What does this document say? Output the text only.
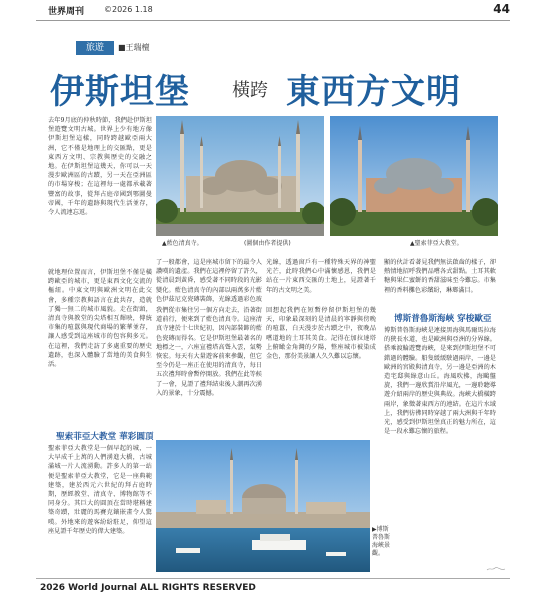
世界周刊 ©2026 1.18	44
旅遊	■王瑞檀
伊斯坦堡 橫跨 東西方文明
去年9月底的仲秋時節，我們赴伊斯坦堡遊覽文明古城。世界上少有地方像伊斯坦堡這樣，同時跨越歐亞兩大洲，它不僅是地理上的交匯點，更是東西方文明、宗教與歷史的交融之地。在伊斯坦堡這幾天，你可以一天漫步歐洲區的古蹟，另一天在亞洲區的市場穿梭；在這裡每一處都承載著豐富的故事，從拜占庭帝國到鄂圖曼帝國，千年的遺跡與現代生活並存，令人流連忘返。
就地理位置而言，伊斯坦堡不僅是橫跨歐亞的城市，更是東西文化交流的樞紐。中東文明與歐洲文明在此交會，多種宗教與語言在此共存，造就了獨一無二的城市風貌。走在街頭，清真寺與教堂的尖塔相互輝映，傳統市集的喧囂與現代商場的繁華並存，讓人感受到這座城市的包容與多元。在這裡，我們走訪了多處重要的歷史遺跡，也深入體驗了當地的美食與生活。
聖索菲亞大教堂 華彩圓頂
聖索菲亞大教堂是一個早起的城，一大早成千上萬的人們湧進大橋，古城滿城一片人流湧動。許多人的第一站便是聖索菲亞大教堂，它是一座典範建築，建於西元六世紀的拜占庭時期，歷經教堂、清真寺、博物館等不同身分。其巨大的圓頂在當時堪稱建築奇蹟，壯麗的馬賽克鑲嵌畫令人驚嘆。外地來的遊客紛紛駐足，仰望這座見證千年歷史的偉大建築。
▲藍色清真寺。	(圖個由作者提供)	▲聖索菲亞大教堂。
了一般都會，這是座城市留下的最令人讚嘆的遺產。我們在這裡停留了許久，從清晨到黃昏，感受著不同時段的光影變化。藍色清真寺的內部以兩萬多片藍色伊茲尼克瓷磚裝飾，光線透過彩色玻
我們從市集往另一個方向走去，沿著街道前行，便來到了藍色清真寺。這座清真寺建於十七世紀初，因內部裝飾的藍色瓷磚而得名。它是伊斯坦堡最著名的地標之一，六座宣禮塔高聳入雲，氣勢恢宏。每天有大量遊客前來參觀，但它至今仍是一座正在使用的清真寺，每日五次禮拜時會暫停開放。我們在此等候了一會，見證了禮拜結束後人潮再次湧入的景象，十分震撼。
光線，透過窗戶有一種特殊天界的神聖光芒，此時我們心中滿懷感恩，我們是站在一片東西交匯的土地上，見證著千年的古文明之美。
回想起我們在短暫停留伊斯坦堡的幾天，印象最深刻的是清晨的寧靜與傍晚的喧囂，白天漫步於古蹟之中，夜晚品嚐道地的土耳其美食。記得在加拉達塔上俯瞰金角灣的夕陽，整座城市被染成金色，那份美景讓人久久難以忘懷。
顯的伙計看著見我們無法啟齒的樣子，卻熱情地招呼我們品嚐各式甜點。土耳其軟糖與果仁蜜餅的香甜滋味至今難忘。市集裡的香料攤色彩繽紛，琳瑯滿目。
博斯普魯斯海峽 穿梭歐亞
博斯普魯斯海峽是連接黑海與馬爾馬拉海的狹長水道，也是歐洲與亞洲的分界線。搭乘渡輪遊覽海峽，是來到伊斯坦堡不可錯過的體驗。船隻緩緩駛過兩岸，一邊是歐洲的宮殿與清真寺，另一邊是亞洲的木造宅邸與綠意山丘。海風吹拂，海鷗盤旋，我們一邊欣賞沿岸風光，一邊聆聽導遊介紹兩岸的歷史與典故。海峽大橋橫跨兩岸，象徵著東西方的連結。在這片水域上，我們彷彿同時穿越了兩大洲與千年時光，感受到伊斯坦堡真正的魅力所在，這是一段永難忘懷的旅程。
▶博斯普魯斯海峽景觀。
2026 World Journal ALL RIGHTS RESERVED
